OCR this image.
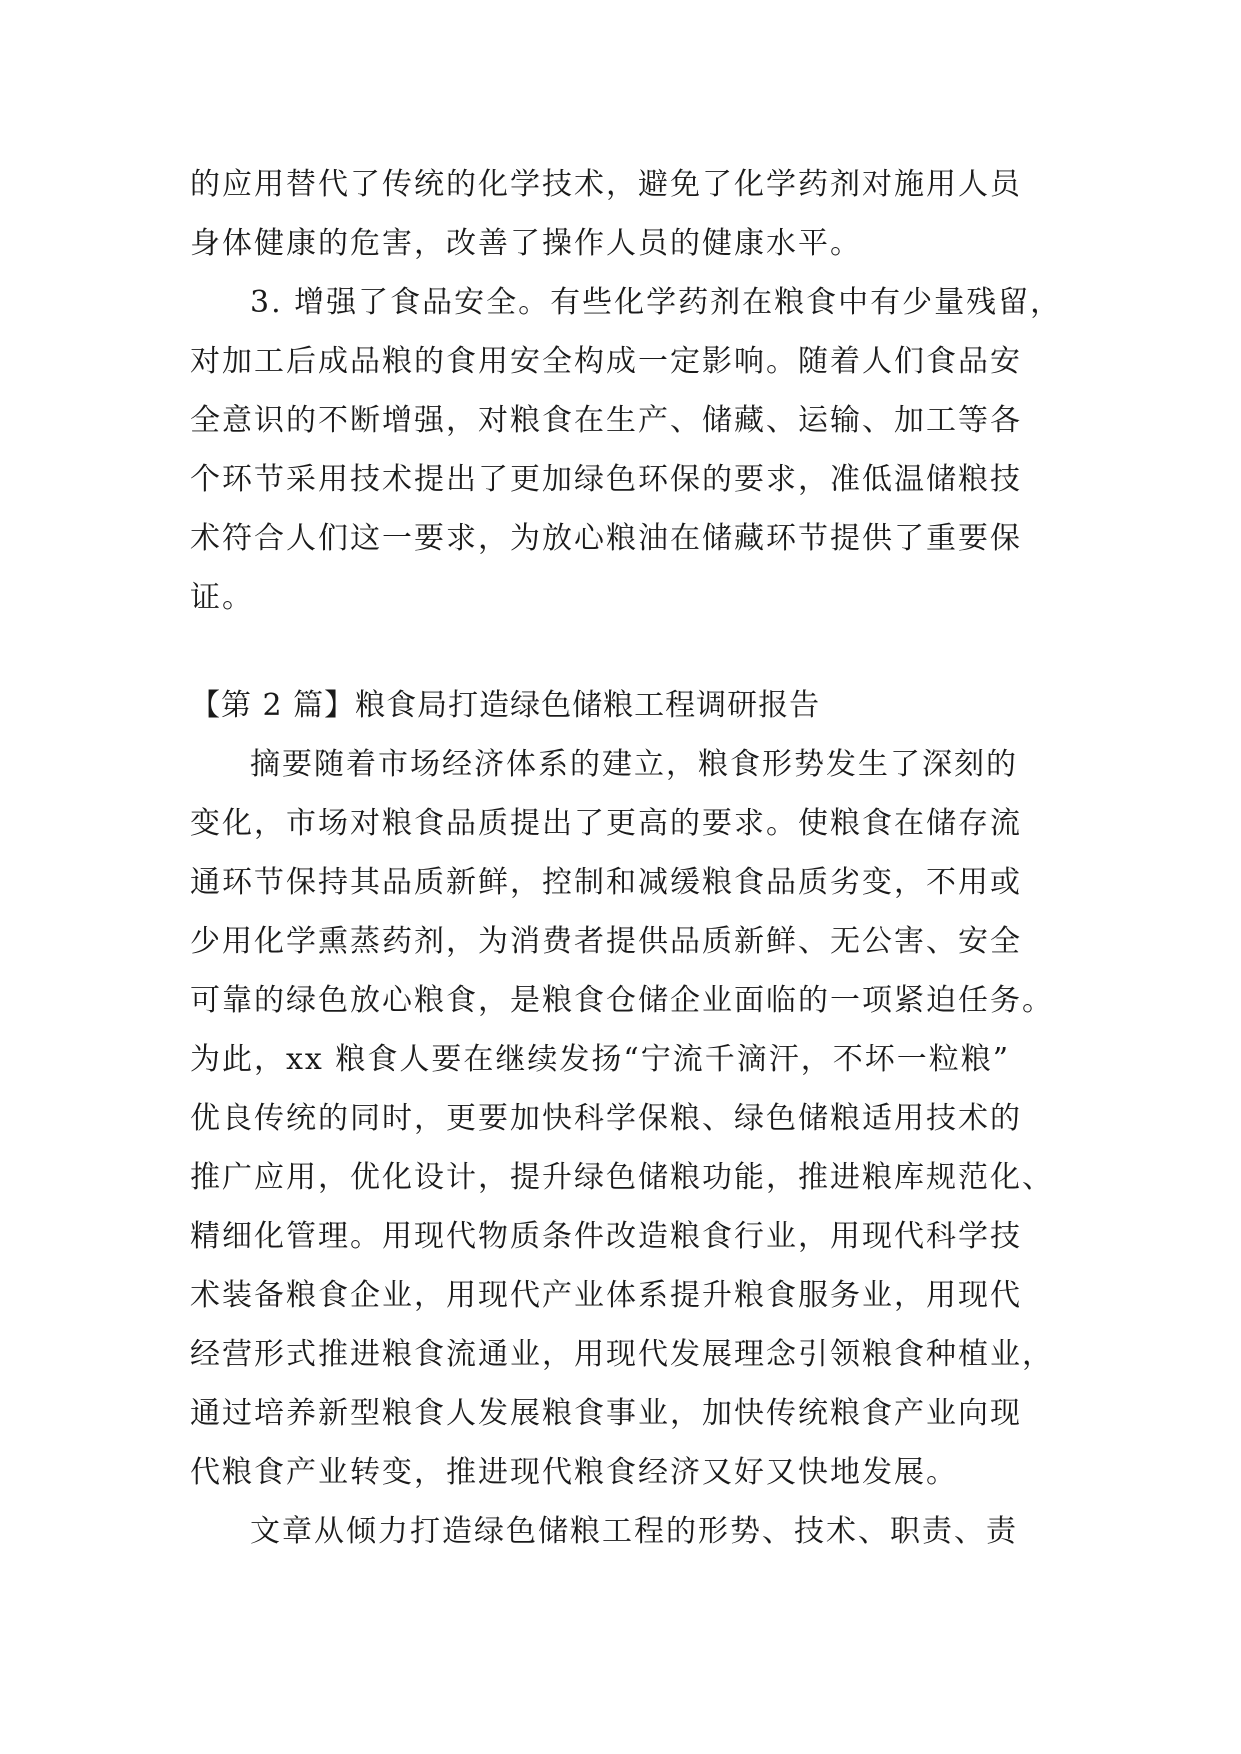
的应用替代了传统的化学技术，避免了化学药剂对施用人员
身体健康的危害，改善了操作人员的健康水平。
3. 增强了食品安全。有些化学药剂在粮食中有少量残留，
对加工后成品粮的食用安全构成一定影响。随着人们食品安
全意识的不断增强，对粮食在生产、储藏、运输、加工等各
个环节采用技术提出了更加绿色环保的要求，准低温储粮技
术符合人们这一要求，为放心粮油在储藏环节提供了重要保
证。
【第 2 篇】粮食局打造绿色储粮工程调研报告
摘要随着市场经济体系的建立，粮食形势发生了深刻的
变化，市场对粮食品质提出了更高的要求。使粮食在储存流
通环节保持其品质新鲜，控制和减缓粮食品质劣变，不用或
少用化学熏蒸药剂，为消费者提供品质新鲜、无公害、安全
可靠的绿色放心粮食，是粮食仓储企业面临的一项紧迫任务。
为此，xx 粮食人要在继续发扬“宁流千滴汗，不坏一粒粮”
优良传统的同时，更要加快科学保粮、绿色储粮适用技术的
推广应用，优化设计，提升绿色储粮功能，推进粮库规范化、
精细化管理。用现代物质条件改造粮食行业，用现代科学技
术装备粮食企业，用现代产业体系提升粮食服务业，用现代
经营形式推进粮食流通业，用现代发展理念引领粮食种植业，
通过培养新型粮食人发展粮食事业，加快传统粮食产业向现
代粮食产业转变，推进现代粮食经济又好又快地发展。
文章从倾力打造绿色储粮工程的形势、技术、职责、责
